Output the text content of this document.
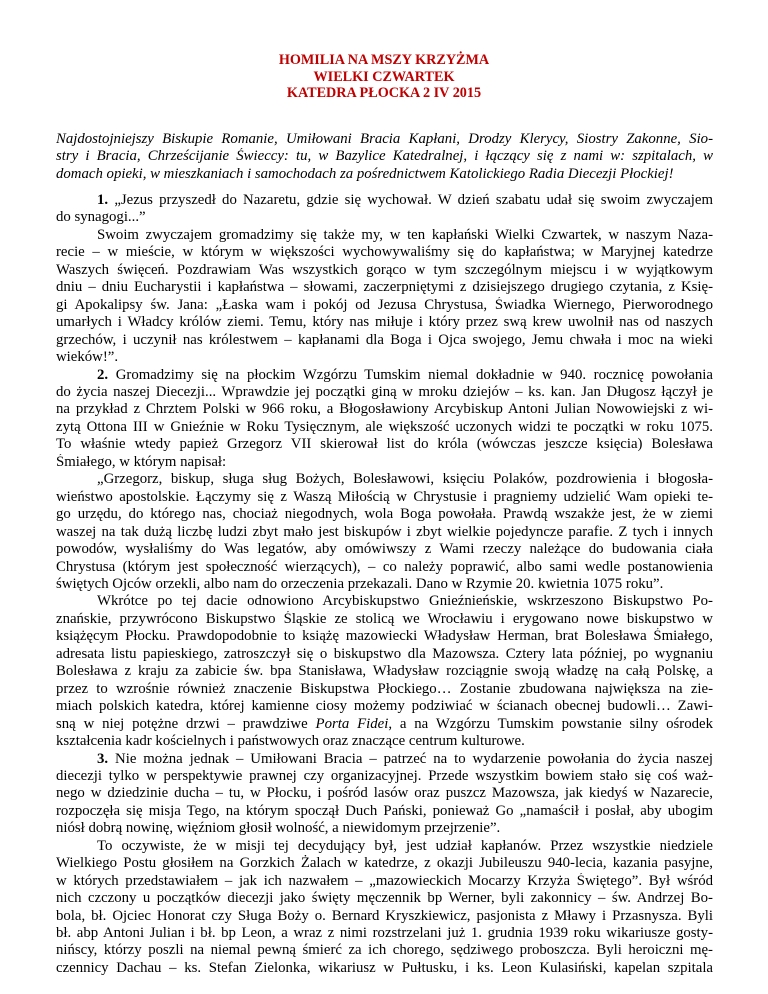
HOMILIA NA MSZY KRZYŻMA
WIELKI CZWARTEK
KATEDRA PŁOCKA 2 IV 2015
Najdostojniejszy Biskupie Romanie, Umiłowani Bracia Kapłani, Drodzy Klerycy, Siostry Zakonne, Sio-
stry i Bracia, Chrześcijanie Świeccy: tu, w Bazylice Katedralnej, i łączący się z nami w: szpitalach, w
domach opieki, w mieszkaniach i samochodach za pośrednictwem Katolickiego Radia Diecezji Płockiej!
1. „Jezus przyszedł do Nazaretu, gdzie się wychował. W dzień szabatu udał się swoim zwyczajem
do synagogi...”
Swoim zwyczajem gromadzimy się także my, w ten kapłański Wielki Czwartek, w naszym Naza-
recie – w mieście, w którym w większości wychowywaliśmy się do kapłaństwa; w Maryjnej katedrze
Waszych święceń. Pozdrawiam Was wszystkich gorąco w tym szczególnym miejscu i w wyjątkowym
dniu – dniu Eucharystii i kapłaństwa – słowami, zaczerpniętymi z dzisiejszego drugiego czytania, z Księ-
gi Apokalipsy św. Jana: „Łaska wam i pokój od Jezusa Chrystusa, Świadka Wiernego, Pierworodnego
umarłych i Władcy królów ziemi. Temu, który nas miłuje i który przez swą krew uwolnił nas od naszych
grzechów, i uczynił nas królestwem – kapłanami dla Boga i Ojca swojego, Jemu chwała i moc na wieki
wieków!”.
2. Gromadzimy się na płockim Wzgórzu Tumskim niemal dokładnie w 940. rocznicę powołania
do życia naszej Diecezji... Wprawdzie jej początki giną w mroku dziejów – ks. kan. Jan Długosz łączył je
na przykład z Chrztem Polski w 966 roku, a Błogosławiony Arcybiskup Antoni Julian Nowowiejski z wi-
zytą Ottona III w Gnieźnie w Roku Tysięcznym, ale większość uczonych widzi te początki w roku 1075.
To właśnie wtedy papież Grzegorz VII skierował list do króla (wówczas jeszcze księcia) Bolesława
Śmiałego, w którym napisał:
„Grzegorz, biskup, sługa sług Bożych, Bolesławowi, księciu Polaków, pozdrowienia i błogosła-
wieństwo apostolskie. Łączymy się z Waszą Miłością w Chrystusie i pragniemy udzielić Wam opieki te-
go urzędu, do którego nas, chociaż niegodnych, wola Boga powołała. Prawdą wszakże jest, że w ziemi
waszej na tak dużą liczbę ludzi zbyt mało jest biskupów i zbyt wielkie pojedyncze parafie. Z tych i innych
powodów, wysłaliśmy do Was legatów, aby omówiwszy z Wami rzeczy należące do budowania ciała
Chrystusa (którym jest społeczność wierzących), – co należy poprawić, albo sami wedle postanowienia
świętych Ojców orzekli, albo nam do orzeczenia przekazali. Dano w Rzymie 20. kwietnia 1075 roku”.
Wkrótce po tej dacie odnowiono Arcybiskupstwo Gnieźnieńskie, wskrzeszono Biskupstwo Po-
znańskie, przywrócono Biskupstwo Śląskie ze stolicą we Wrocławiu i erygowano nowe biskupstwo w
książęcym Płocku. Prawdopodobnie to książę mazowiecki Władysław Herman, brat Bolesława Śmiałego,
adresata listu papieskiego, zatroszczył się o biskupstwo dla Mazowsza. Cztery lata później, po wygnaniu
Bolesława z kraju za zabicie św. bpa Stanisława, Władysław rozciągnie swoją władzę na całą Polskę, a
przez to wzrośnie również znaczenie Biskupstwa Płockiego… Zostanie zbudowana największa na zie-
miach polskich katedra, której kamienne ciosy możemy podziwiać w ścianach obecnej budowli… Zawi-
sną w niej potężne drzwi – prawdziwe Porta Fidei, a na Wzgórzu Tumskim powstanie silny ośrodek
kształcenia kadr kościelnych i państwowych oraz znaczące centrum kulturowe.
3. Nie można jednak – Umiłowani Bracia – patrzeć na to wydarzenie powołania do życia naszej
diecezji tylko w perspektywie prawnej czy organizacyjnej. Przede wszystkim bowiem stało się coś waż-
nego w dziedzinie ducha – tu, w Płocku, i pośród lasów oraz puszcz Mazowsza, jak kiedyś w Nazarecie,
rozpoczęła się misja Tego, na którym spoczął Duch Pański, ponieważ Go „namaścił i posłał, aby ubogim
niósł dobrą nowinę, więźniom głosił wolność, a niewidomym przejrzenie”.
To oczywiste, że w misji tej decydujący był, jest udział kapłanów. Przez wszystkie niedziele
Wielkiego Postu głosiłem na Gorzkich Żalach w katedrze, z okazji Jubileuszu 940-lecia, kazania pasyjne,
w których przedstawiałem – jak ich nazwałem – „mazowieckich Mocarzy Krzyża Świętego”. Był wśród
nich czczony u początków diecezji jako święty męczennik bp Werner, byli zakonnicy – św. Andrzej Bo-
bola, bł. Ojciec Honorat czy Sługa Boży o. Bernard Kryszkiewicz, pasjonista z Mławy i Przasnysza. Byli
bł. abp Antoni Julian i bł. bp Leon, a wraz z nimi rozstrzelani już 1. grudnia 1939 roku wikariusze gosty-
nińscy, którzy poszli na niemal pewną śmierć za ich chorego, sędziwego proboszcza. Byli heroiczni mę-
czennicy Dachau – ks. Stefan Zielonka, wikariusz w Pułtusku, i ks. Leon Kulasiński, kapelan szpitala
